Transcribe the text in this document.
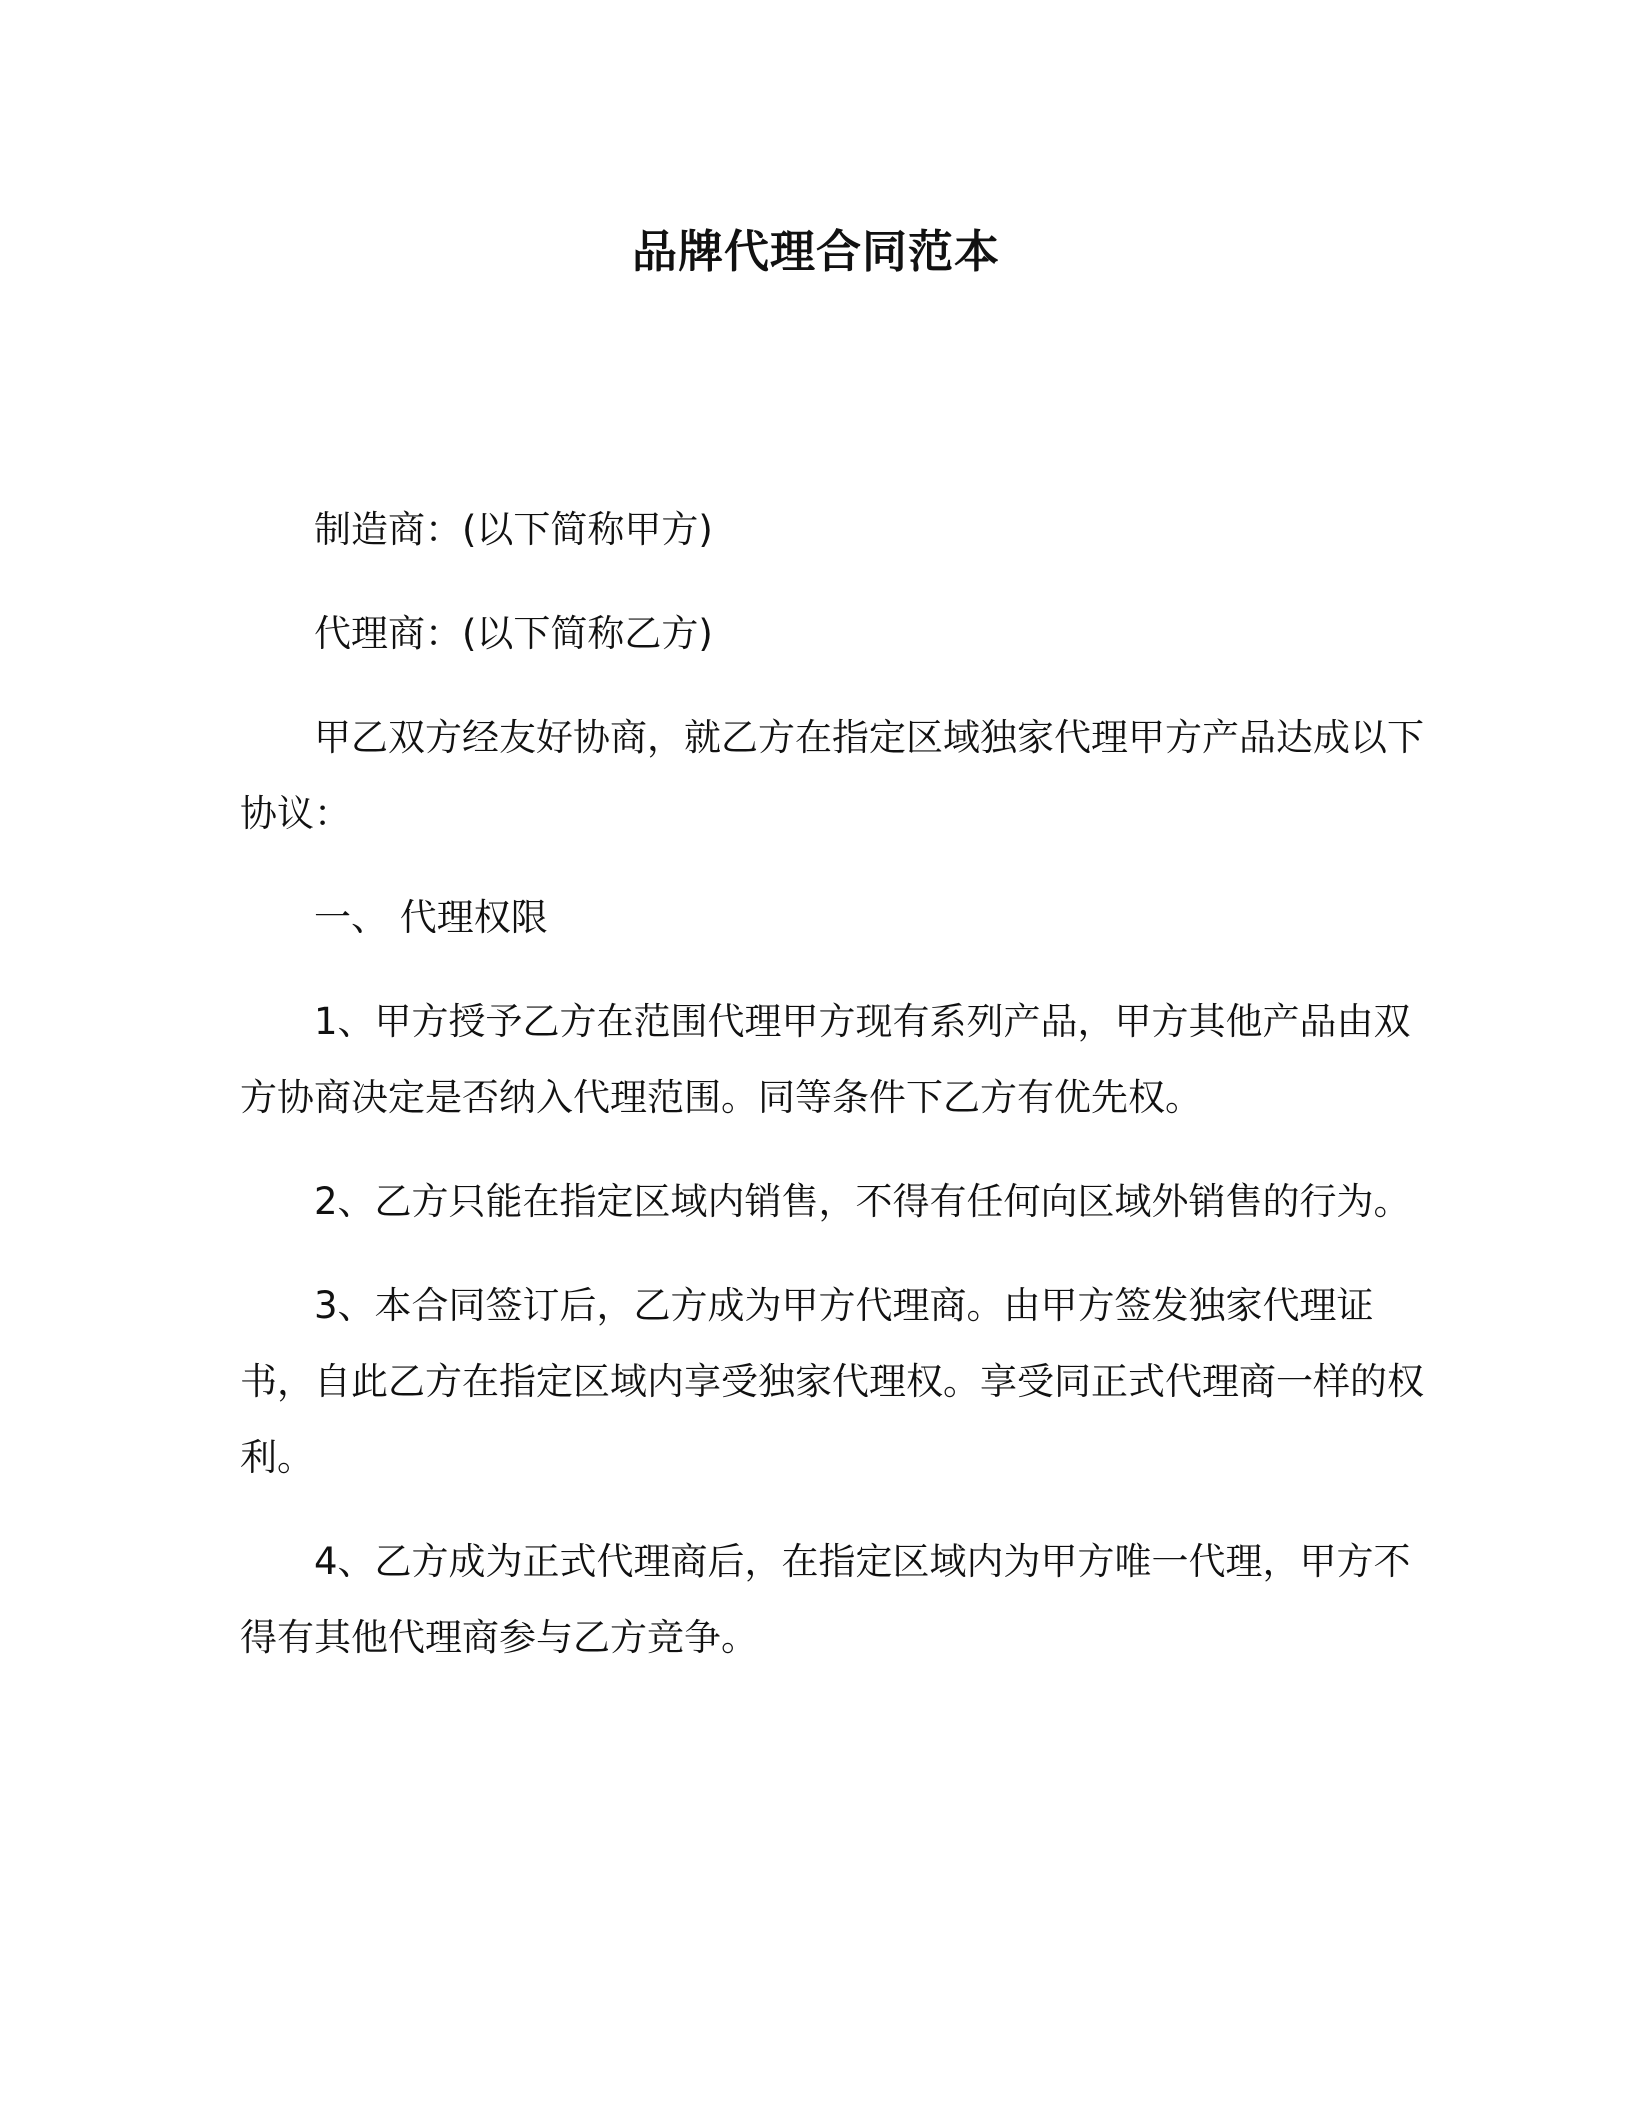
品牌代理合同范本

制造商：(以下简称甲方)

代理商：(以下简称乙方)

甲乙双方经友好协商，就乙方在指定区域独家代理甲方产品达成以下协议：

一、 代理权限

1、甲方授予乙方在范围代理甲方现有系列产品，甲方其他产品由双方协商决定是否纳入代理范围。同等条件下乙方有优先权。

2、乙方只能在指定区域内销售，不得有任何向区域外销售的行为。

3、本合同签订后，乙方成为甲方代理商。由甲方签发独家代理证书，自此乙方在指定区域内享受独家代理权。享受同正式代理商一样的权利。

4、乙方成为正式代理商后，在指定区域内为甲方唯一代理，甲方不得有其他代理商参与乙方竞争。
